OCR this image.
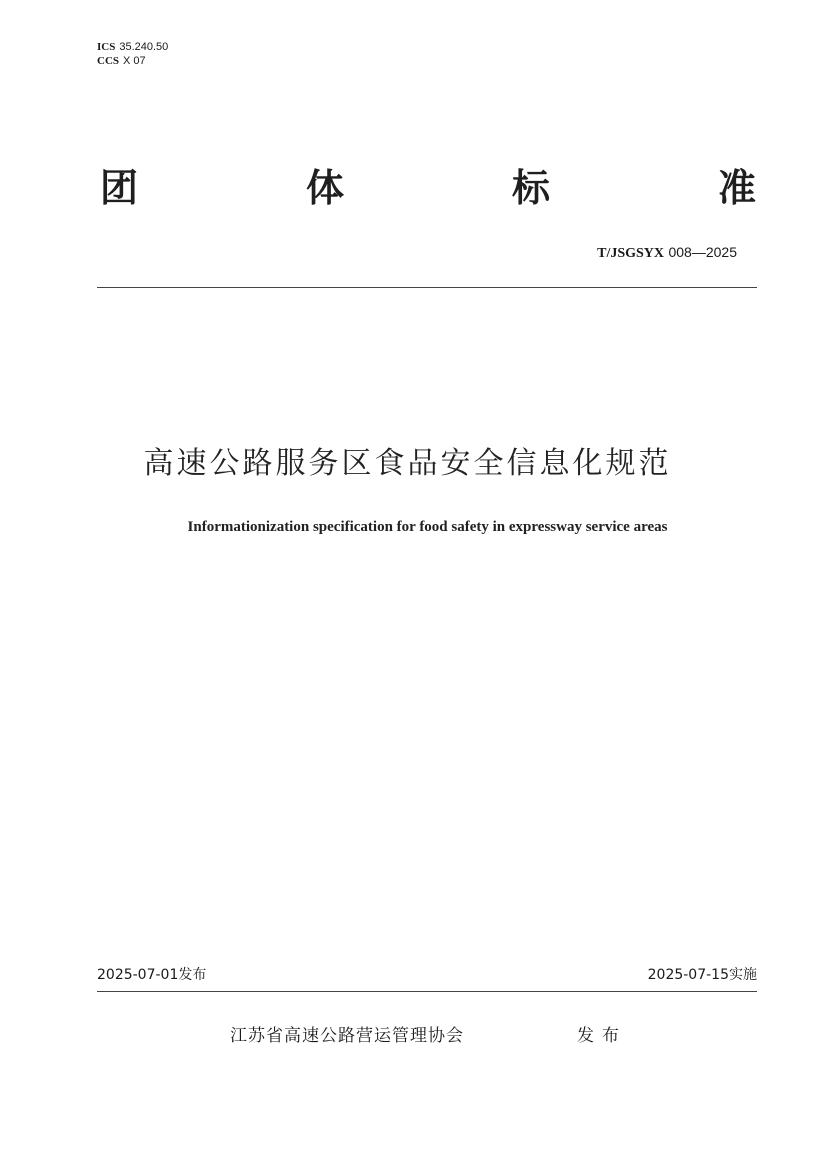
ICS 35.240.50
CCS X 07
团	体	标	准
T/JSGSYX 008—2025
高速公路服务区食品安全信息化规范
Informationization specification for food safety in expressway service areas
2025-07-01发布	2025-07-15实施
江苏省高速公路营运管理协会	发布
